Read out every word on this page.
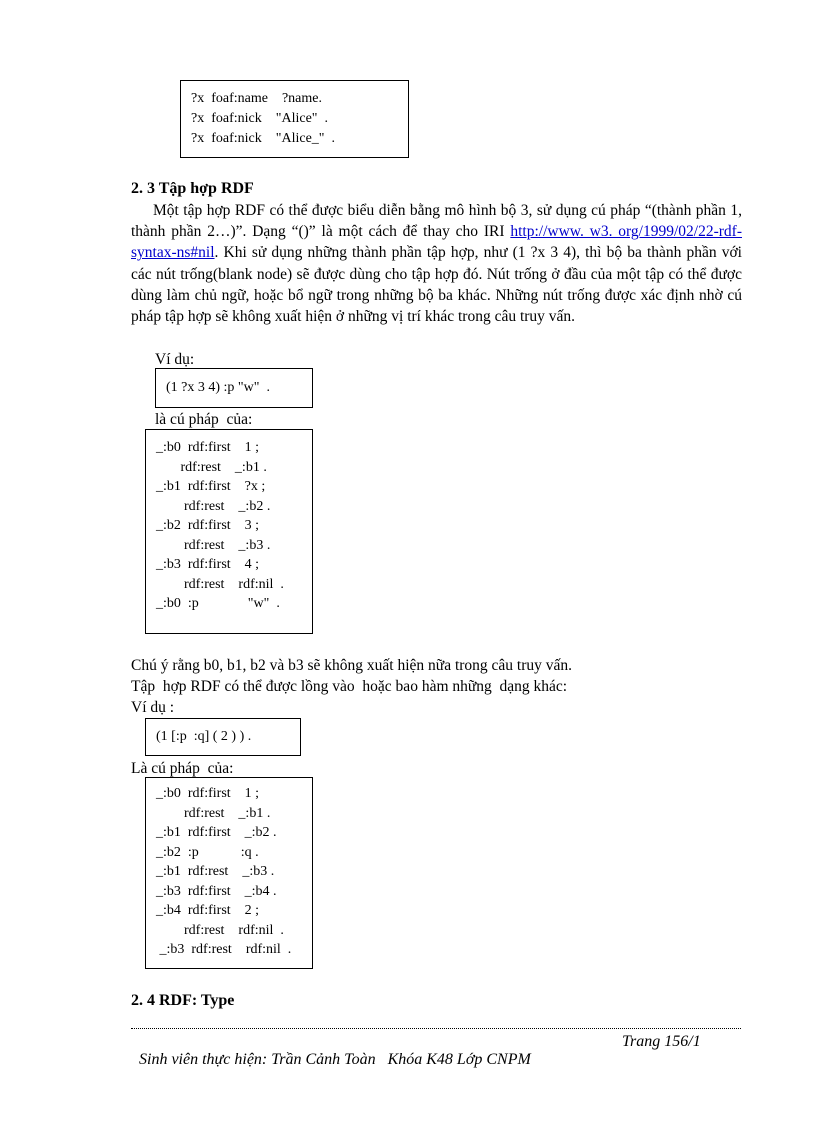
?x  foaf:name    ?name.
?x  foaf:nick    "Alice"  .
?x  foaf:nick    "Alice_"  .
2. 3 Tập hợp RDF
Một tập hợp RDF có thể được biểu diễn bằng mô hình bộ 3, sử dụng cú pháp “(thành phần 1, thành phần 2…)”. Dạng “()” là một cách để thay cho IRI http://www. w3. org/1999/02/22-rdf-syntax-ns#nil. Khi sử dụng những thành phần tập hợp, như (1 ?x 3 4), thì bộ ba thành phần với các nút trống(blank node) sẽ được dùng cho tập hợp đó. Nút trống ở đầu của một tập có thể được dùng làm chủ ngữ, hoặc bổ ngữ trong những bộ ba khác. Những nút trống được xác định nhờ cú pháp tập hợp sẽ không xuất hiện ở những vị trí khác trong câu truy vấn.
Ví dụ:
(1 ?x 3 4) :p "w"  .
là cú pháp  của:
_:b0  rdf:first    1 ;
rdf:rest    _:b1 .
_:b1  rdf:first    ?x ;
rdf:rest    _:b2 .
_:b2  rdf:first    3 ;
rdf:rest    _:b3 .
_:b3  rdf:first    4 ;
rdf:rest    rdf:nil  .
_:b0  :p              "w"  .
Chú ý rằng b0, b1, b2 và b3 sẽ không xuất hiện nữa trong câu truy vấn.
Tập  hợp RDF có thể được lồng vào  hoặc bao hàm những  dạng khác:
Ví dụ :
(1 [:p  :q] ( 2 ) ) .
Là cú pháp  của:
_:b0  rdf:first    1 ;
rdf:rest    _:b1 .
_:b1  rdf:first    _:b2 .
_:b2  :p            :q .
_:b1  rdf:rest    _:b3 .
_:b3  rdf:first    _:b4 .
_:b4  rdf:first    2 ;
rdf:rest    rdf:nil  .
_:b3  rdf:rest    rdf:nil  .
2. 4 RDF: Type

Sinh viên thực hiện: Trần Cảnh Toàn   Khóa K48 Lớp CNPM

Trang 156/1
